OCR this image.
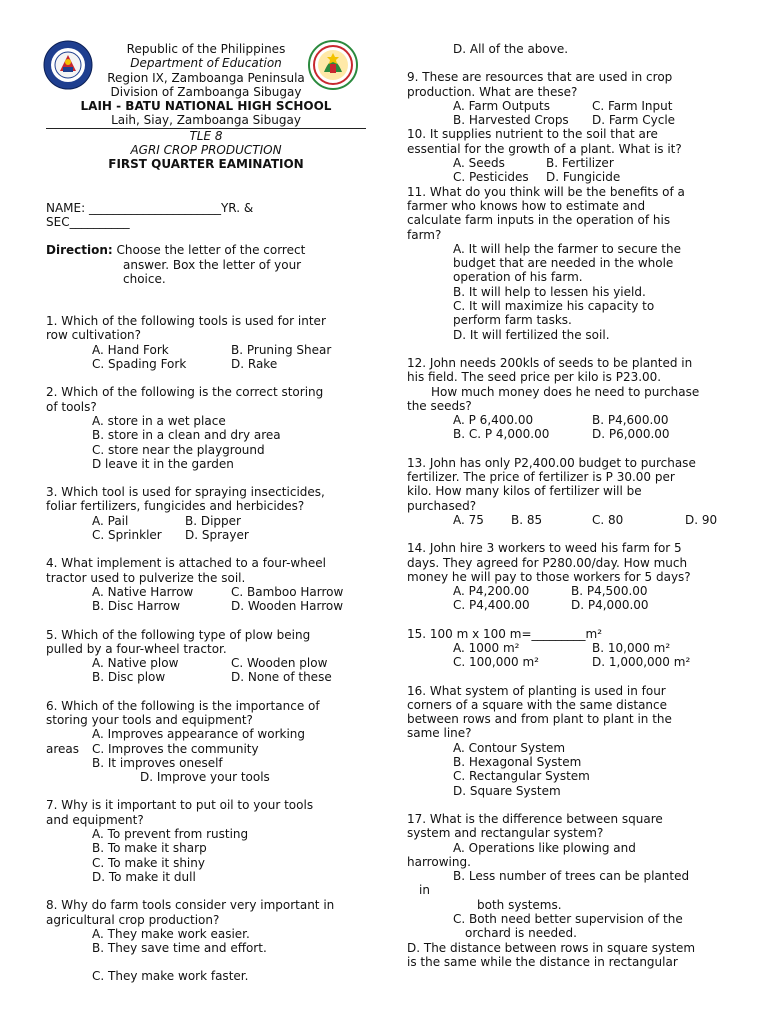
Republic of the Philippines
Department of Education
Region IX, Zamboanga Peninsula
Division of Zamboanga Sibugay
LAIH - BATU NATIONAL HIGH SCHOOL
Laih, Siay, Zamboanga Sibugay
TLE 8
AGRI CROP PRODUCTION
FIRST QUARTER EAMINATION
NAME: ______________________YR. &
SEC__________
Direction: Choose the letter of the correct
answer. Box the letter of your
choice.
1. Which of the following tools is used for inter
row cultivation?
A. Hand Fork	B. Pruning Shear
C. Spading Fork	D. Rake
2. Which of the following is the correct storing
of tools?
A. store in a wet place
B. store in a clean and dry area
C. store near the playground
D leave it in the garden
3. Which tool is used for spraying insecticides,
foliar fertilizers, fungicides and herbicides?
A. Pail	B. Dipper
C. Sprinkler D. Sprayer
4. What implement is attached to a four-wheel
tractor used to pulverize the soil.
A. Native Harrow	C. Bamboo Harrow
B. Disc Harrow	D. Wooden Harrow
5. Which of the following type of plow being
pulled by a four-wheel tractor.
A. Native plow	C. Wooden plow
B. Disc plow	D. None of these
6. Which of the following is the importance of
storing your tools and equipment?
A. Improves appearance of working
areas C. Improves the community
B. It improves oneself
D. Improve your tools
7. Why is it important to put oil to your tools
and equipment?
A. To prevent from rusting
B. To make it sharp
C. To make it shiny
D. To make it dull
8. Why do farm tools consider very important in
agricultural crop production?
A. They make work easier.
B. They save time and effort.
C. They make work faster.
D. All of the above.
9. These are resources that are used in crop
production. What are these?
A. Farm Outputs	C. Farm Input
B. Harvested Crops D. Farm Cycle
10. It supplies nutrient to the soil that are
essential for the growth of a plant. What is it?
A. Seeds	B. Fertilizer
C. Pesticides D. Fungicide
11. What do you think will be the benefits of a
farmer who knows how to estimate and
calculate farm inputs in the operation of his
farm?
A. It will help the farmer to secure the
budget that are needed in the whole
operation of his farm.
B. It will help to lessen his yield.
C. It will maximize his capacity to
perform farm tasks.
D. It will fertilized the soil.
12. John needs 200kls of seeds to be planted in
his field. The seed price per kilo is P23.00.
How much money does he need to purchase
the seeds?
A. P 6,400.00	B. P4,600.00
B. C. P 4,000.00	D. P6,000.00
13. John has only P2,400.00 budget to purchase
fertilizer. The price of fertilizer is P 30.00 per
kilo. How many kilos of fertilizer will be
purchased?
A. 75 B. 85	C. 80	D. 90
14. John hire 3 workers to weed his farm for 5
days. They agreed for P280.00/day. How much
money he will pay to those workers for 5 days?
A. P4,200.00	B. P4,500.00
C. P4,400.00	D. P4,000.00
15. 100 m x 100 m=_________m²
A. 1000 m²	B. 10,000 m²
C. 100,000 m²	D. 1,000,000 m²
16. What system of planting is used in four
corners of a square with the same distance
between rows and from plant to plant in the
same line?
A. Contour System
B. Hexagonal System
C. Rectangular System
D. Square System
17. What is the difference between square
system and rectangular system?
A. Operations like plowing and
harrowing.
B. Less number of trees can be planted
in
both systems.
C. Both need better supervision of the
orchard is needed.
D. The distance between rows in square system
is the same while the distance in rectangular
